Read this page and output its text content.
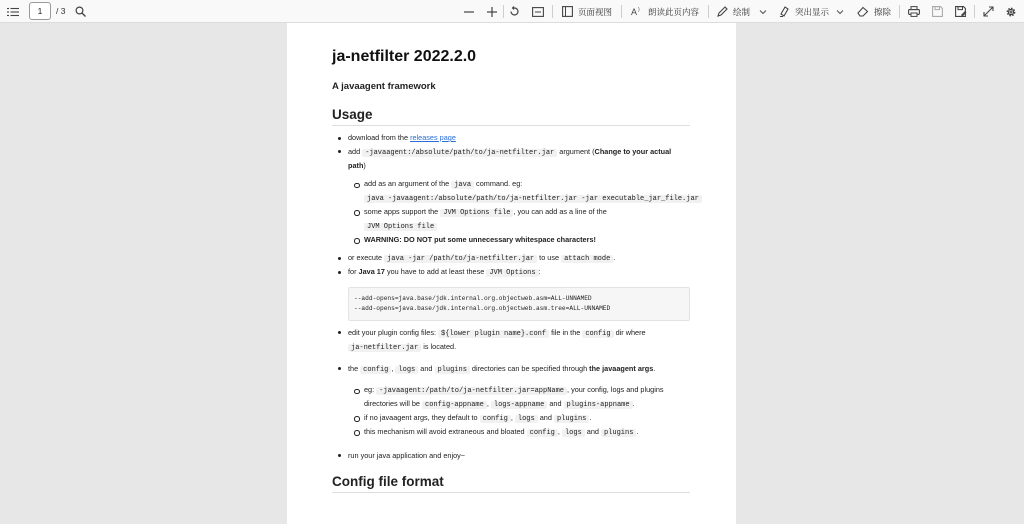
1	/ 3	页面视图 A ) 朗读此页内容	绘制	突出显示	擦除
ja-netfilter 2022.2.0
A javaagent framework
Usage
download from the releases page
add -javaagent:/absolute/path/to/ja-netfilter.jar argument (Change to your actual path)
add as an argument of the java command. eg:
java -javaagent:/absolute/path/to/ja-netfilter.jar -jar executable_jar_file.jar
some apps support the JVM Options file , you can add as a line of the
JVM Options file
WARNING: DO NOT put some unnecessary whitespace characters!
or execute java -jar /path/to/ja-netfilter.jar to use attach mode .
for Java 17 you have to add at least these JVM Options :
--add-opens=java.base/jdk.internal.org.objectweb.asm=ALL-UNNAMED
--add-opens=java.base/jdk.internal.org.objectweb.asm.tree=ALL-UNNAMED
edit your plugin config files: ${lower plugin name}.conf file in the config dir where
ja-netfilter.jar is located.
the config , logs and plugins directories can be specified through the javaagent args.
eg: -javaagent:/path/to/ja-netfilter.jar=appName , your config, logs and plugins directories will be config-appname , logs-appname and plugins-appname .
if no javaagent args, they default to config , logs and plugins .
this mechanism will avoid extraneous and bloated config , logs and plugins .
run your java application and enjoy~
Config file format
